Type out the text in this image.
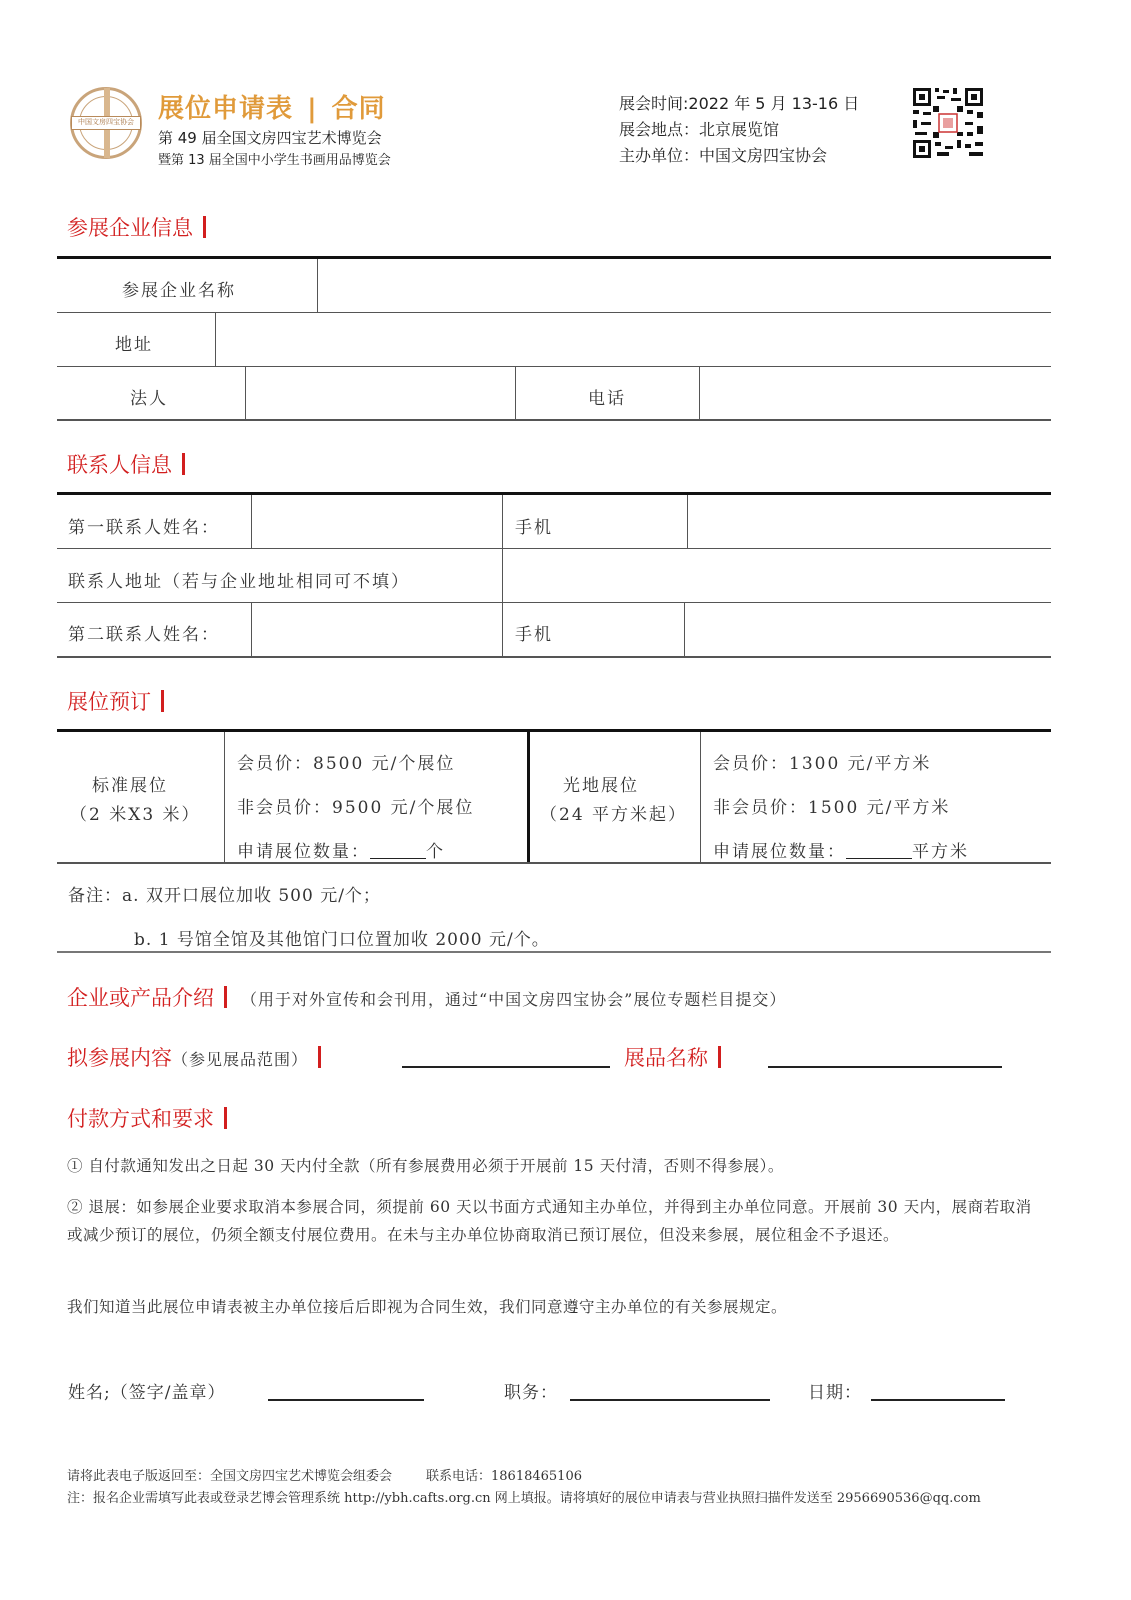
中国文房四宝协会 展位申请表 | 合同
第 49 届全国文房四宝艺术博览会
暨第 13 届全国中小学生书画用品博览会
展会时间:2022 年 5 月 13-16 日
展会地点：北京展览馆
主办单位：中国文房四宝协会
参展企业信息
参展企业名称
地址
法人	电话
联系人信息
第一联系人姓名：	手机
联系人地址（若与企业地址相同可不填）
第二联系人姓名：	手机
展位预订
标准展位
（2 米X3 米）
会员价：8500 元/个展位
非会员价：9500 元/个展位
申请展位数量：	个
光地展位
（24 平方米起）
会员价：1300 元/平方米
非会员价：1500 元/平方米
申请展位数量：	平方米
备注：a. 双开口展位加收 500 元/个；
b. 1 号馆全馆及其他馆门口位置加收 2000 元/个。
企业或产品介绍 （用于对外宣传和会刊用，通过“中国文房四宝协会”展位专题栏目提交）
拟参展内容（参见展品范围）	展品名称
付款方式和要求
① 自付款通知发出之日起 30 天内付全款（所有参展费用必须于开展前 15 天付清，否则不得参展）。
② 退展：如参展企业要求取消本参展合同，须提前 60 天以书面方式通知主办单位，并得到主办单位同意。开展前 30 天内，展商若取消或减少预订的展位，仍须全额支付展位费用。在未与主办单位协商取消已预订展位，但没来参展，展位租金不予退还。
我们知道当此展位申请表被主办单位接后后即视为合同生效，我们同意遵守主办单位的有关参展规定。
姓名;（签字/盖章）	职务：	日期：
请将此表电子版返回至：全国文房四宝艺术博览会组委会	联系电话：18618465106
注：报名企业需填写此表或登录艺博会管理系统 http://ybh.cafts.org.cn 网上填报。请将填好的展位申请表与营业执照扫描件发送至 2956690536@qq.com
